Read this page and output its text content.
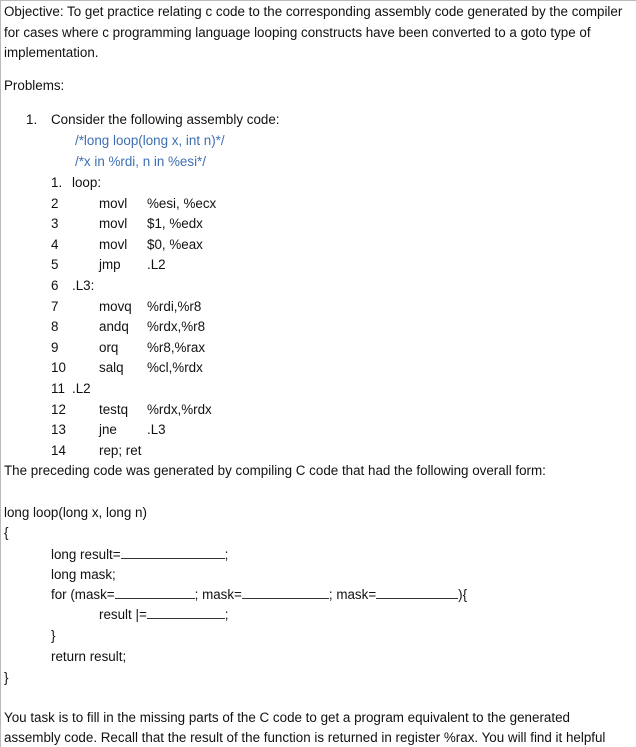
Objective: To get practice relating c code to the corresponding assembly code generated by the compiler
for cases where c programming language looping constructs have been converted to a goto type of
implementation.
Problems:
1. Consider the following assembly code:
/*long loop(long x, int n)*/
/*x in %rdi, n in %esi*/
1. loop:
2	movl %esi, %ecx
3	movl $1, %edx
4	movl $0, %eax
5	jmp .L2
6 .L3:
7	movq %rdi,%r8
8	andq %rdx,%r8
9	orq %r8,%rax
10 salq %cl,%rdx
11 .L2
12 testq %rdx,%rdx
13 jne .L3
14 rep; ret
The preceding code was generated by compiling C code that had the following overall form:
long loop(long x, long n)
{
long result=	;
long mask;
for (mask=	; mask=	; mask=	){
result |=	;
}
return result;
}
You task is to fill in the missing parts of the C code to get a program equivalent to the generated
assembly code. Recall that the result of the function is returned in register %rax. You will find it helpful
